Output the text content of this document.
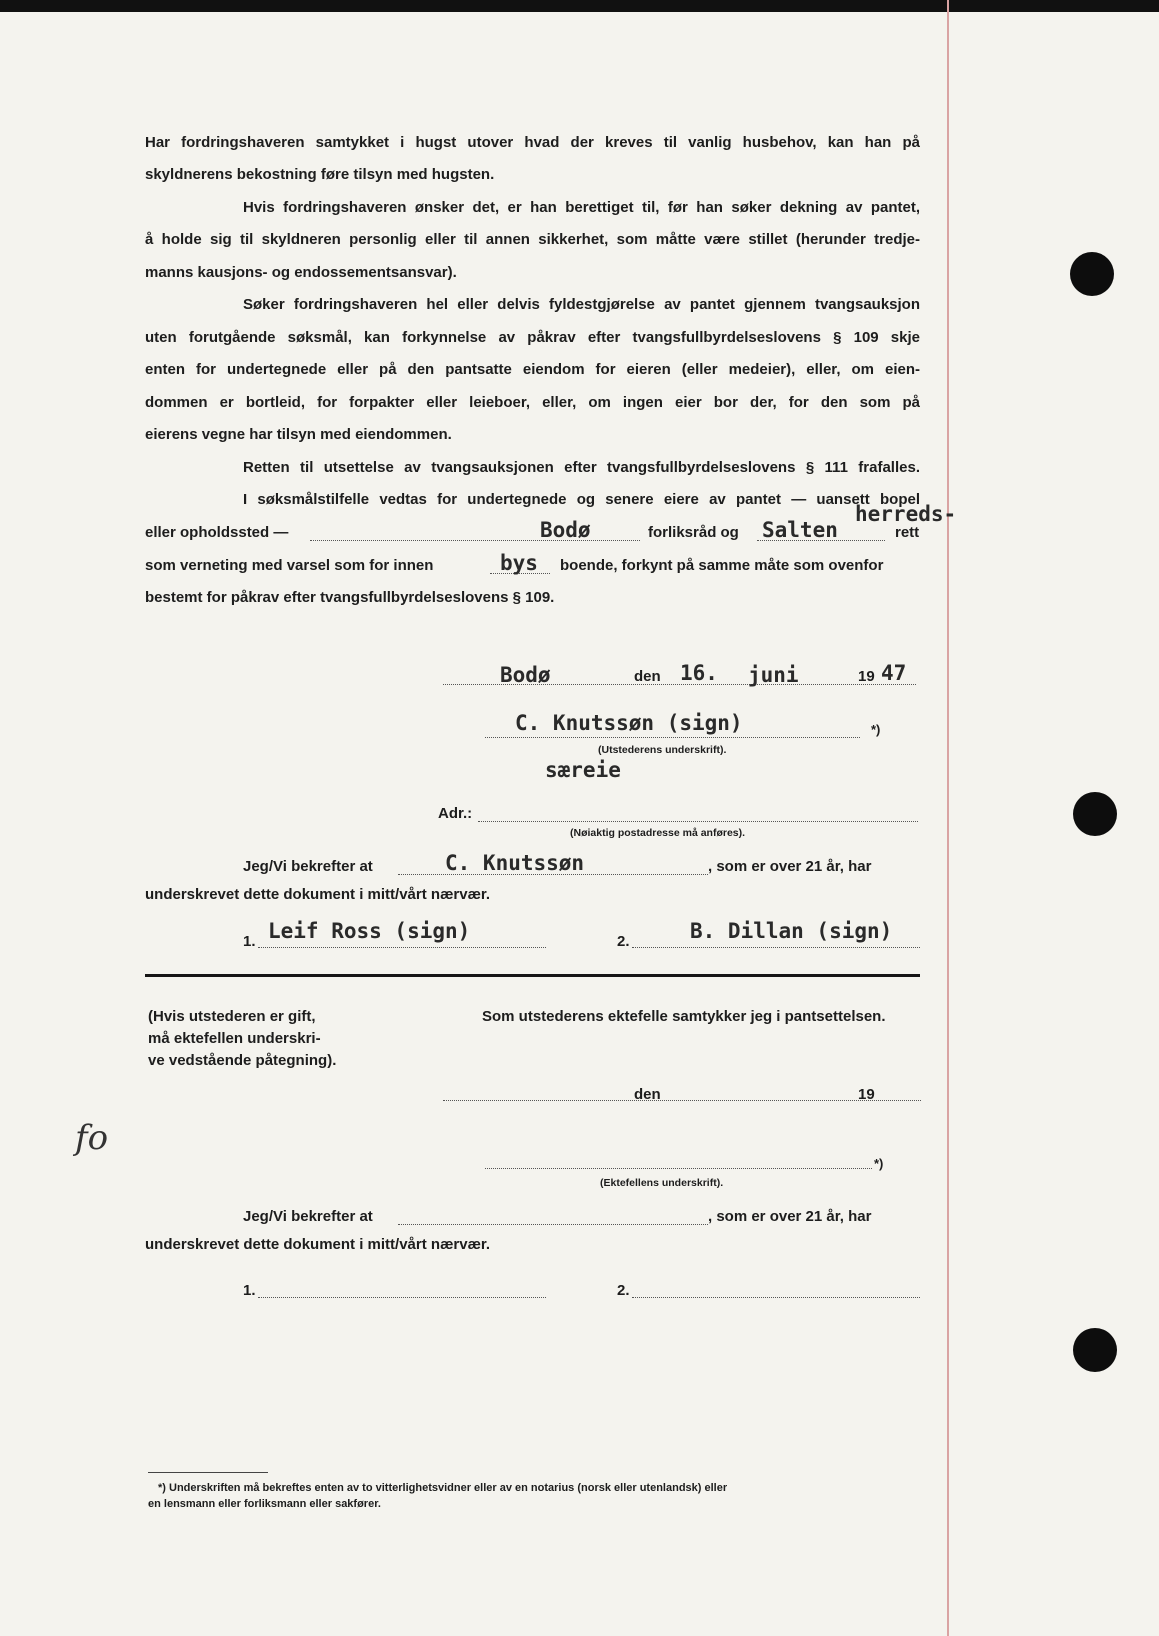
Har fordringshaveren samtykket i hugst utover hvad der kreves til vanlig husbehov, kan han på
skyldnerens bekostning føre tilsyn med hugsten.
Hvis fordringshaveren ønsker det, er han berettiget til, før han søker dekning av pantet,
å holde sig til skyldneren personlig eller til annen sikkerhet, som måtte være stillet (herunder tredje-
manns kausjons- og endossementsansvar).
Søker fordringshaveren hel eller delvis fyldestgjørelse av pantet gjennem tvangsauksjon
uten forutgående søksmål, kan forkynnelse av påkrav efter tvangsfullbyrdelseslovens § 109 skje
enten for undertegnede eller på den pantsatte eiendom for eieren (eller medeier), eller, om eien-
dommen er bortleid, for forpakter eller leieboer, eller, om ingen eier bor der, for den som på
eierens vegne har tilsyn med eiendommen.
Retten til utsettelse av tvangsauksjonen efter tvangsfullbyrdelseslovens § 111 frafalles.
I søksmålstilfelle vedtas for undertegnede og senere eiere av pantet — uansett bopel
eller opholdssted —	Bodø	forliksråd og Salten
herreds-
rett
som verneting med varsel som for innen	bys boende, forkynt på samme måte som ovenfor
bestemt for påkrav efter tvangsfullbyrdelseslovens § 109.
Bodø	den 16. juni	19 47
C. Knutssøn (sign)	*)
(Utstederens underskrift).
særeie
Adr.:
(Nøiaktig postadresse må anføres).
Jeg/Vi bekrefter at	C. Knutssøn	, som er over 21 år, har
underskrevet dette dokument i mitt/vårt nærvær.
1. Leif Ross (sign)	2.	B. Dillan (sign)
(Hvis utstederen er gift,
må ektefellen underskri-
ve vedstående påtegning).
Som utstederens ektefelle samtykker jeg i pantsettelsen.
den	19
*)
(Ektefellens underskrift).
Jeg/Vi bekrefter at	, som er over 21 år, har
underskrevet dette dokument i mitt/vårt nærvær.
1.	2.
fo
*) Underskriften må bekreftes enten av to vitterlighetsvidner eller av en notarius (norsk eller utenlandsk) eller
en lensmann eller forliksmann eller sakfører.
